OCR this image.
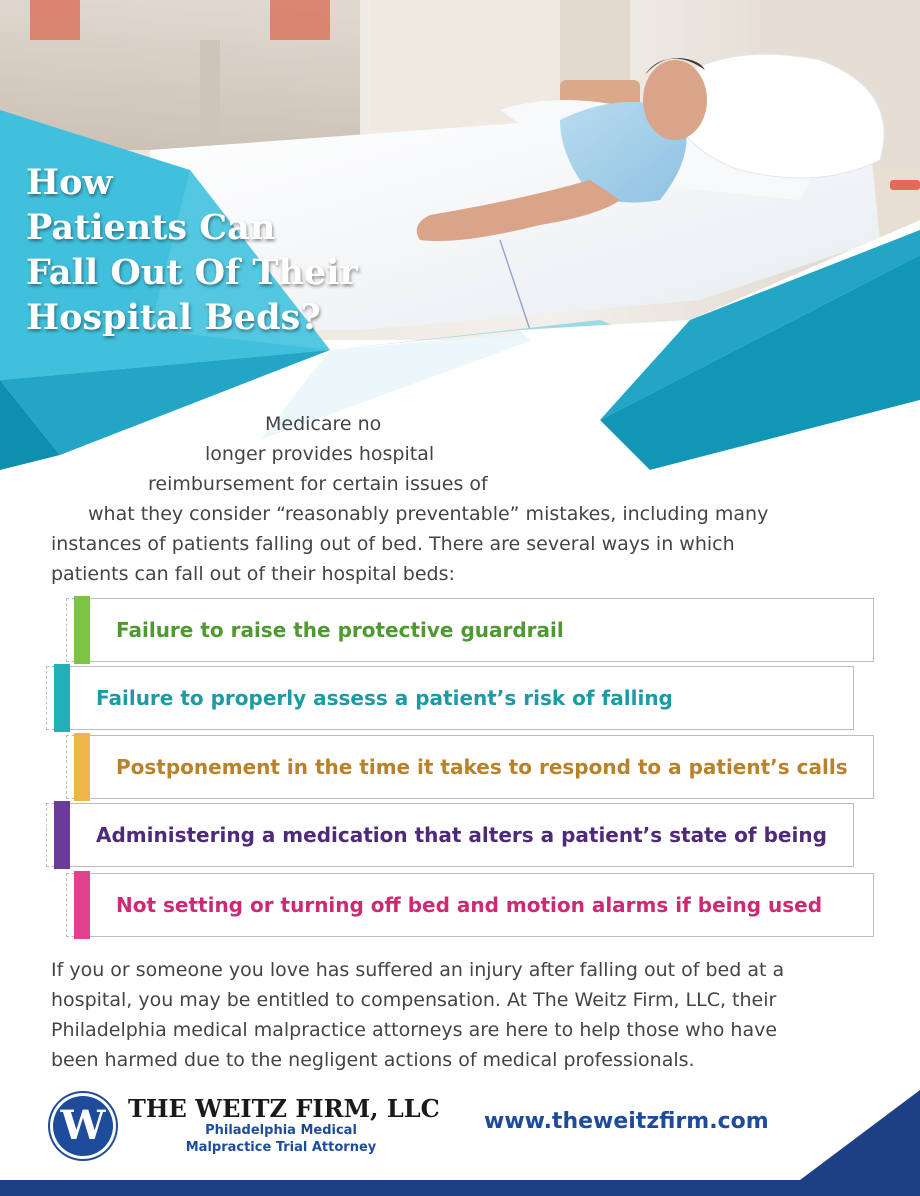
How
Patients Can
Fall Out Of Their
Hospital Beds?
Medicare no
longer provides hospital
reimbursement for certain issues of
what they consider “reasonably preventable” mistakes, including many
instances of patients falling out of bed. There are several ways in which
patients can fall out of their hospital beds:
Failure to raise the protective guardrail
Failure to properly assess a patient’s risk of falling
Postponement in the time it takes to respond to a patient’s calls
Administering a medication that alters a patient’s state of being
Not setting or turning off bed and motion alarms if being used
If you or someone you love has suffered an injury after falling out of bed at a
hospital, you may be entitled to compensation. At The Weitz Firm, LLC, their
Philadelphia medical malpractice attorneys are here to help those who have
been harmed due to the negligent actions of medical professionals.
W THE WEITZ FIRM, LLC
Philadelphia Medical
Malpractice Trial Attorney
www.theweitzfirm.com
